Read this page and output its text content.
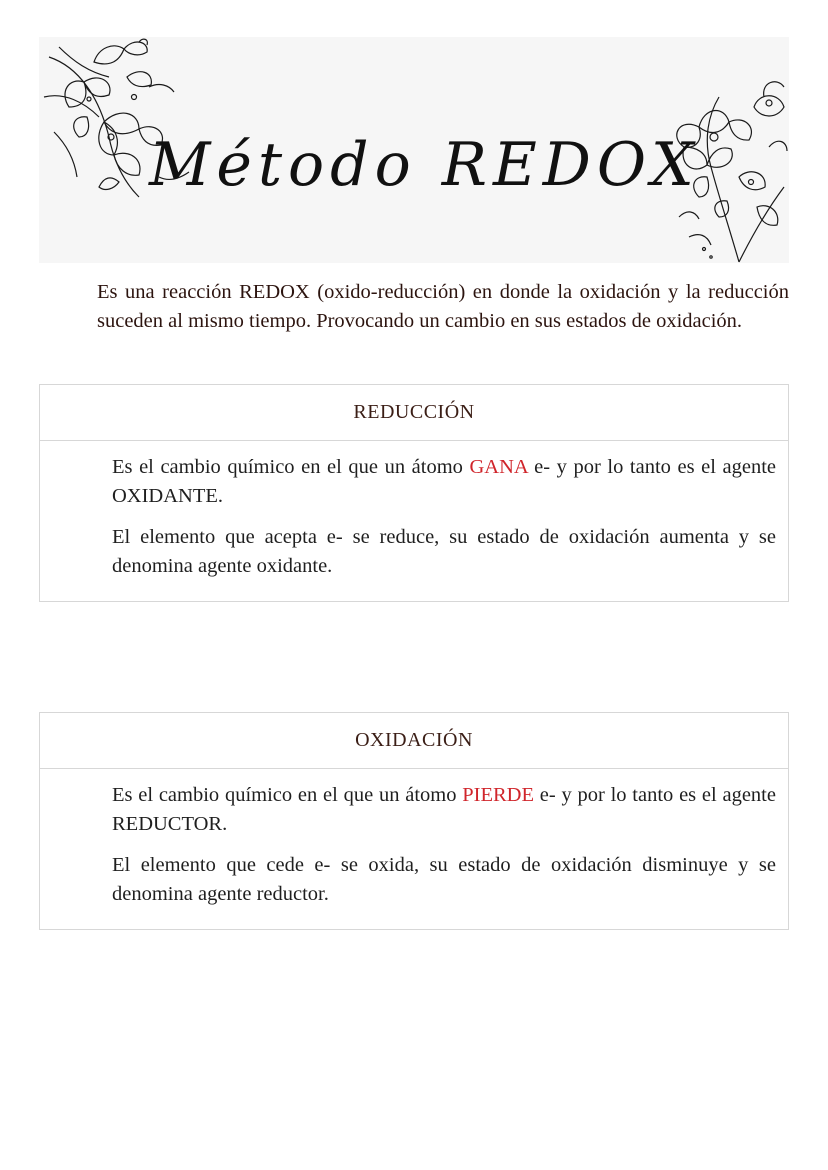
Método REDOX

Es una reacción REDOX (oxido-reducción) en donde la oxidación y la reducción suceden al mismo tiempo. Provocando un cambio en sus estados de oxidación.

REDUCCIÓN

Es el cambio químico en el que un átomo GANA e- y por lo tanto es el agente OXIDANTE.

El elemento que acepta e- se reduce, su estado de oxidación aumenta y se denomina agente oxidante.

OXIDACIÓN

Es el cambio químico en el que un átomo PIERDE e- y por lo tanto es el agente REDUCTOR.

El elemento que cede e- se oxida, su estado de oxidación disminuye y se denomina agente reductor.
